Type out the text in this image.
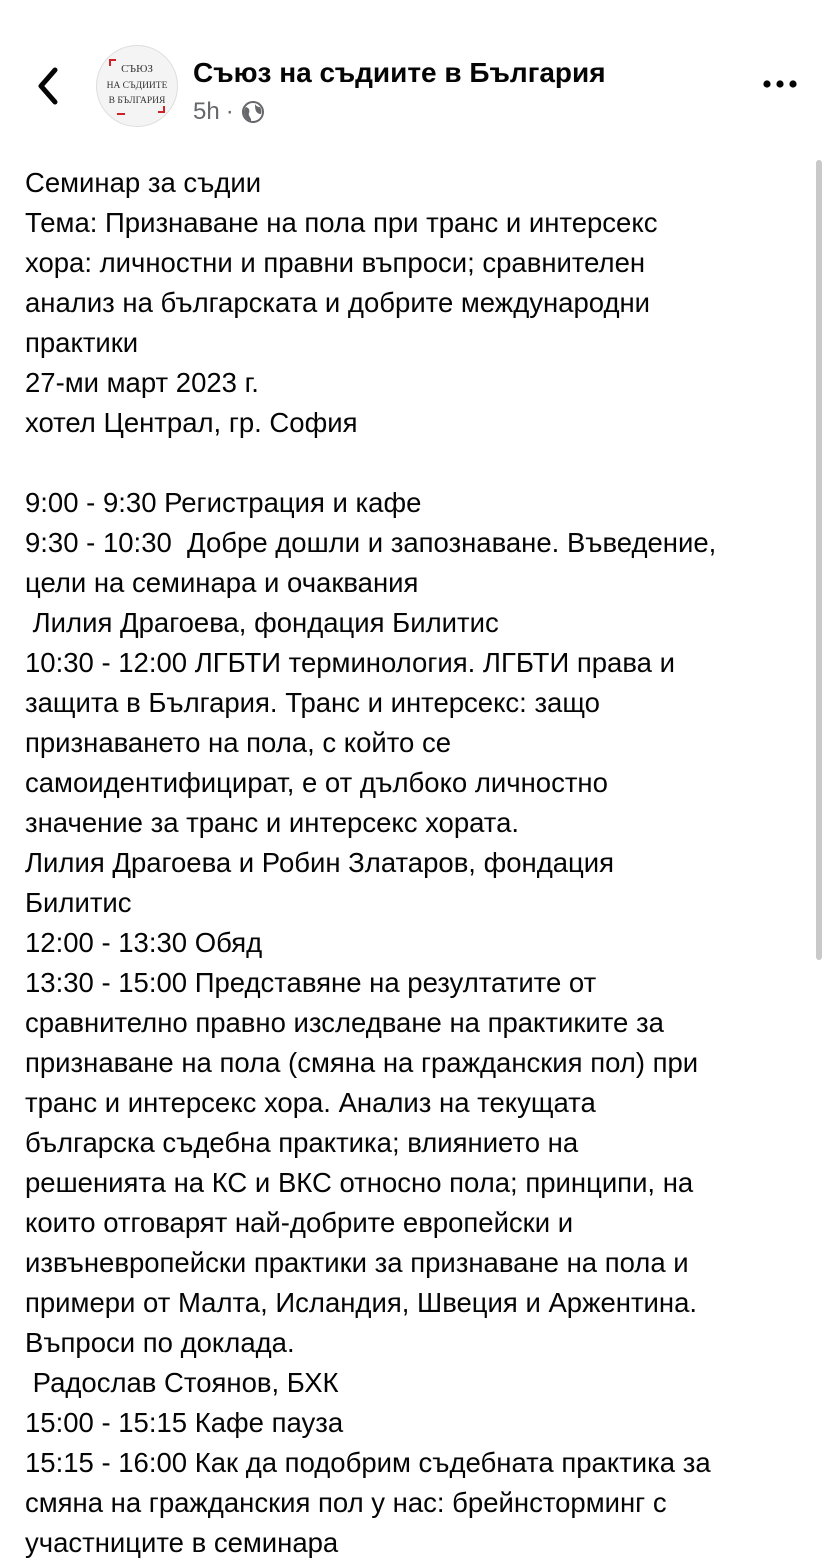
СЪЮЗ
НА СЪДИИТЕ
В БЪЛГАРИЯ
Съюз на съдиите в България
5h ·
Семинар за съдии
Тема: Признаване на пола при транс и интерсекс
хора: личностни и правни въпроси; сравнителен
анализ на българската и добрите международни
практики
27-ми март 2023 г.
хотел Централ, гр. София
9:00 - 9:30 Регистрация и кафе
9:30 - 10:30  Добре дошли и запознаване. Въведение,
цели на семинара и очаквания
Лилия Драгоева, фондация Билитис
10:30 - 12:00 ЛГБТИ терминология. ЛГБТИ права и
защита в България. Транс и интерсекс: защо
признаването на пола, с който се
самоидентифицират, е от дълбоко личностно
значение за транс и интерсекс хората.
Лилия Драгоева и Робин Златаров, фондация
Билитис
12:00 - 13:30 Обяд
13:30 - 15:00 Представяне на резултатите от
сравнително правно изследване на практиките за
признаване на пола (смяна на гражданския пол) при
транс и интерсекс хора. Анализ на текущата
българска съдебна практика; влиянието на
решенията на КС и ВКС относно пола; принципи, на
които отговарят най-добрите европейски и
извъневропейски практики за признаване на пола и
примери от Малта, Исландия, Швеция и Аржентина.
Въпроси по доклада.
Радослав Стоянов, БХК
15:00 - 15:15 Кафе пауза
15:15 - 16:00 Как да подобрим съдебната практика за
смяна на гражданския пол у нас: брейнсторминг с
участниците в семинара
